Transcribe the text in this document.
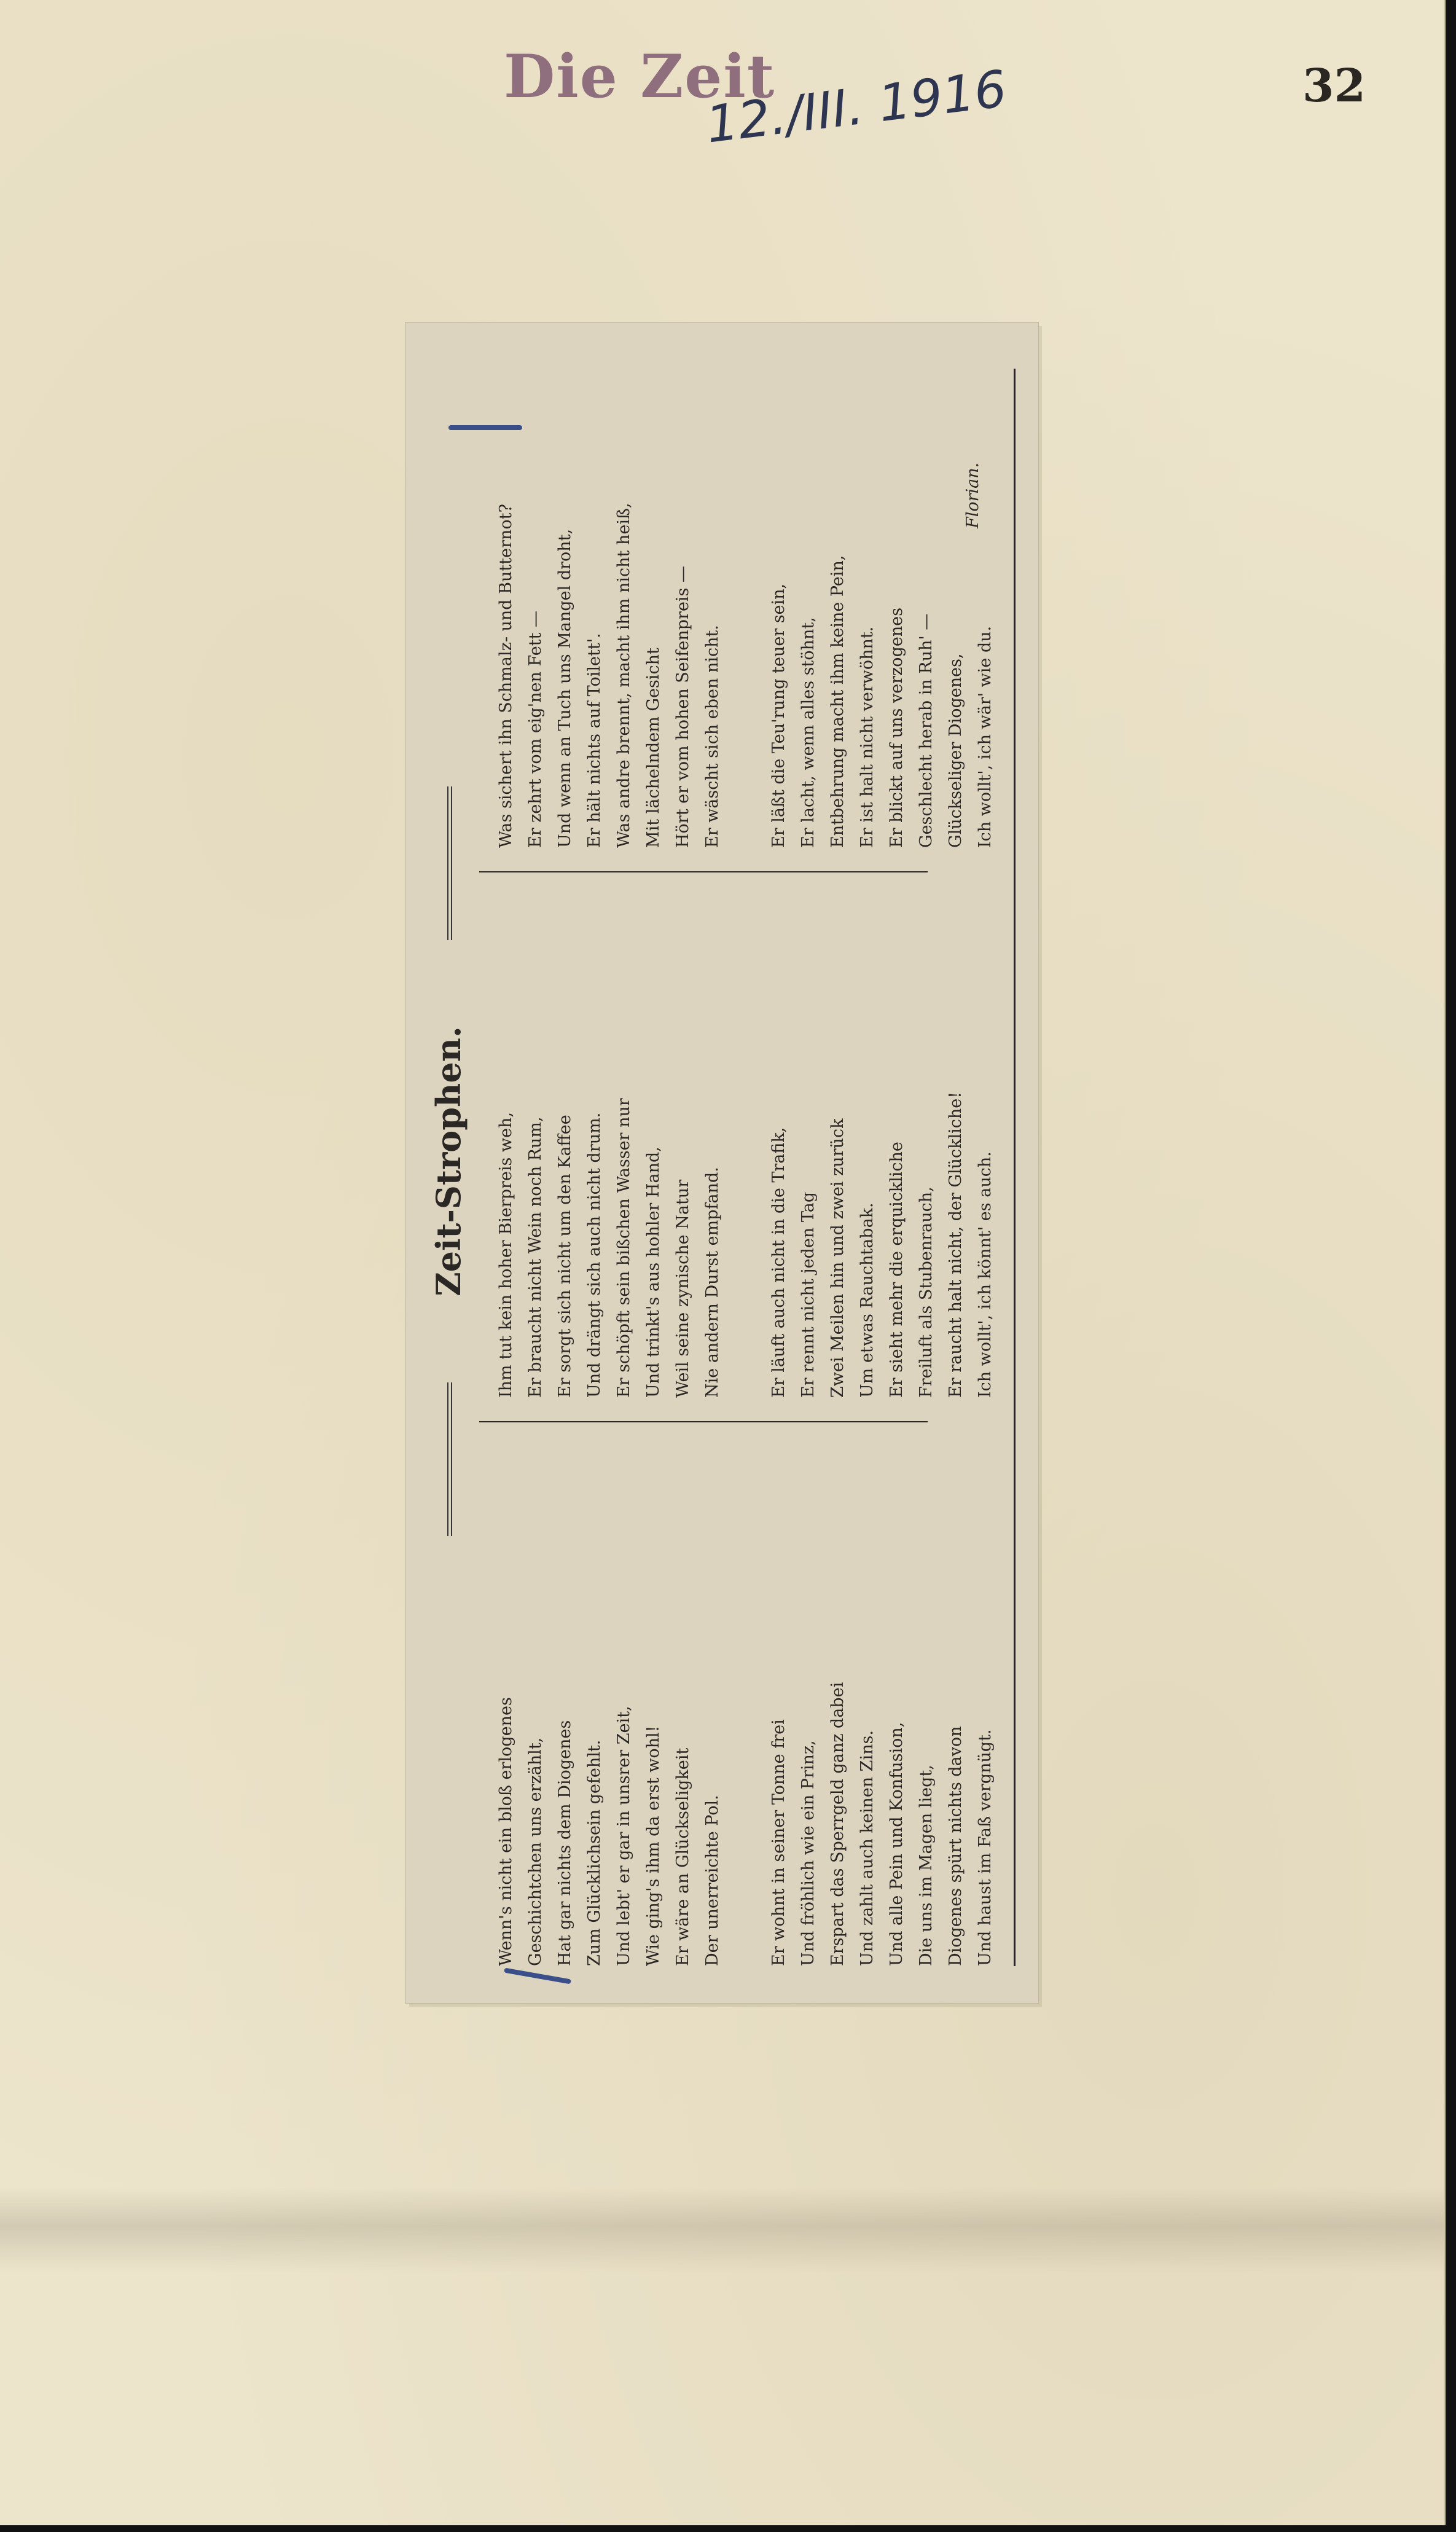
Die Zeit
12./III. 1916	32
Zeit-Strophen.
Wenn's nicht ein bloß erlogenes Geschichtchen uns erzählt, Hat gar nichts dem Diogenes Zum Glücklichsein gefehlt. Und lebt' er gar in unsrer Zeit, Wie ging's ihm da erst wohl! Er wäre an Glückseligkeit Der unerreichte Pol.	Er wohnt in seiner Tonne frei Und fröhlich wie ein Prinz, Erspart das Sperrgeld ganz dabei Und zahlt auch keinen Zins. Und alle Pein und Konfusion, Die uns im Magen liegt, Diogenes spürt nichts davon Und haust im Faß vergnügt.
Ihm tut kein hoher Bierpreis weh, Er braucht nicht Wein noch Rum, Er sorgt sich nicht um den Kaffee Und drängt sich auch nicht drum. Er schöpft sein bißchen Wasser nur Und trinkt's aus hohler Hand, Weil seine zynische Natur Nie andern Durst empfand.	Er läuft auch nicht in die Trafik, Er rennt nicht jeden Tag Zwei Meilen hin und zwei zurück Um etwas Rauchtabak. Er sieht mehr die erquickliche Freiluft als Stubenrauch, Er raucht halt nicht, der Glückliche! Ich wollt', ich könnt' es auch.
Was sichert ihn Schmalz- und Butternot? Er zehrt vom eig'nen Fett — Und wenn an Tuch uns Mangel droht, Er hält nichts auf Toilett'. Was andre brennt, macht ihm nicht heiß, Mit lächelndem Gesicht Hört er vom hohen Seifenpreis — Er wäscht sich eben nicht.	Er läßt die Teu'rung teuer sein, Er lacht, wenn alles stöhnt, Entbehrung macht ihm keine Pein, Er ist halt nicht verwöhnt. Er blickt auf uns verzogenes Geschlecht herab in Ruh' — Glückseliger Diogenes, Ich wollt', ich wär' wie du.
Florian.
